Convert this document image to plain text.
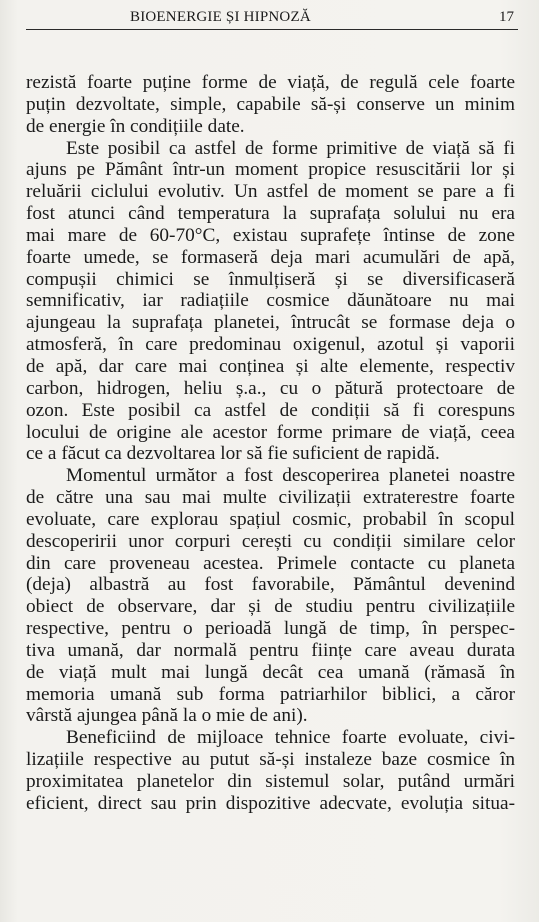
BIOENERGIE ȘI HIPNOZĂ	17
rezistă foarte puține forme de viață, de regulă cele foarte
puțin dezvoltate, simple, capabile să-și conserve un minim
de energie în condițiile date.
Este posibil ca astfel de forme primitive de viață să fi
ajuns pe Pământ într-un moment propice resuscitării lor și
reluării ciclului evolutiv. Un astfel de moment se pare a fi
fost atunci când temperatura la suprafața solului nu era
mai mare de 60-70°C, existau suprafețe întinse de zone
foarte umede, se formaseră deja mari acumulări de apă,
compușii chimici se înmulțiseră și se diversificaseră
semnificativ, iar radiațiile cosmice dăunătoare nu mai
ajungeau la suprafața planetei, întrucât se formase deja o
atmosferă, în care predominau oxigenul, azotul și vaporii
de apă, dar care mai conținea și alte elemente, respectiv
carbon, hidrogen, heliu ș.a., cu o pătură protectoare de
ozon. Este posibil ca astfel de condiții să fi corespuns
locului de origine ale acestor forme primare de viață, ceea
ce a făcut ca dezvoltarea lor să fie suficient de rapidă.
Momentul următor a fost descoperirea planetei noastre
de către una sau mai multe civilizații extraterestre foarte
evoluate, care explorau spațiul cosmic, probabil în scopul
descoperirii unor corpuri cerești cu condiții similare celor
din care proveneau acestea. Primele contacte cu planeta
(deja) albastră au fost favorabile, Pământul devenind
obiect de observare, dar și de studiu pentru civilizațiile
respective, pentru o perioadă lungă de timp, în perspec-
tiva umană, dar normală pentru ființe care aveau durata
de viață mult mai lungă decât cea umană (rămasă în
memoria umană sub forma patriarhilor biblici, a căror
vârstă ajungea până la o mie de ani).
Beneficiind de mijloace tehnice foarte evoluate, civi-
lizațiile respective au putut să-și instaleze baze cosmice în
proximitatea planetelor din sistemul solar, putând urmări
eficient, direct sau prin dispozitive adecvate, evoluția situa-
